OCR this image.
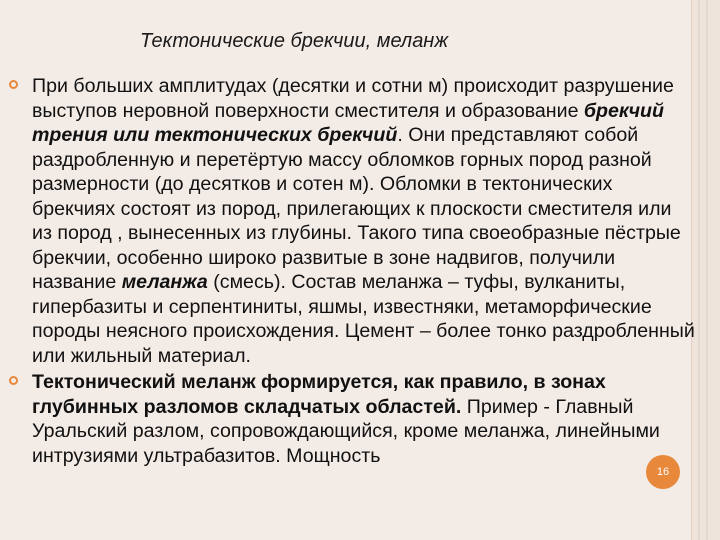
Тектонические брекчии, меланж
При больших амплитудах (десятки и сотни м) происходит разрушение выступов неровной поверхности сместителя и образование брекчий трения или тектонических брекчий. Они представляют собой раздробленную и перетёртую массу обломков горных пород разной размерности (до десятков и сотен м). Обломки в тектонических брекчиях состоят из пород, прилегающих к плоскости сместителя или из пород , вынесенных из глубины. Такого типа своеобразные пёстрые брекчии, особенно широко развитые в зоне надвигов, получили название меланжа (смесь). Состав меланжа – туфы, вулканиты, гипербазиты и серпентиниты, яшмы, известняки, метаморфические породы неясного происхождения. Цемент – более тонко раздробленный или жильный материал.
Тектонический меланж формируется, как правило, в зонах глубинных разломов складчатых областей. Пример - Главный Уральский разлом, сопровождающийся, кроме меланжа, линейными интрузиями ультрабазитов. Мощность
16
